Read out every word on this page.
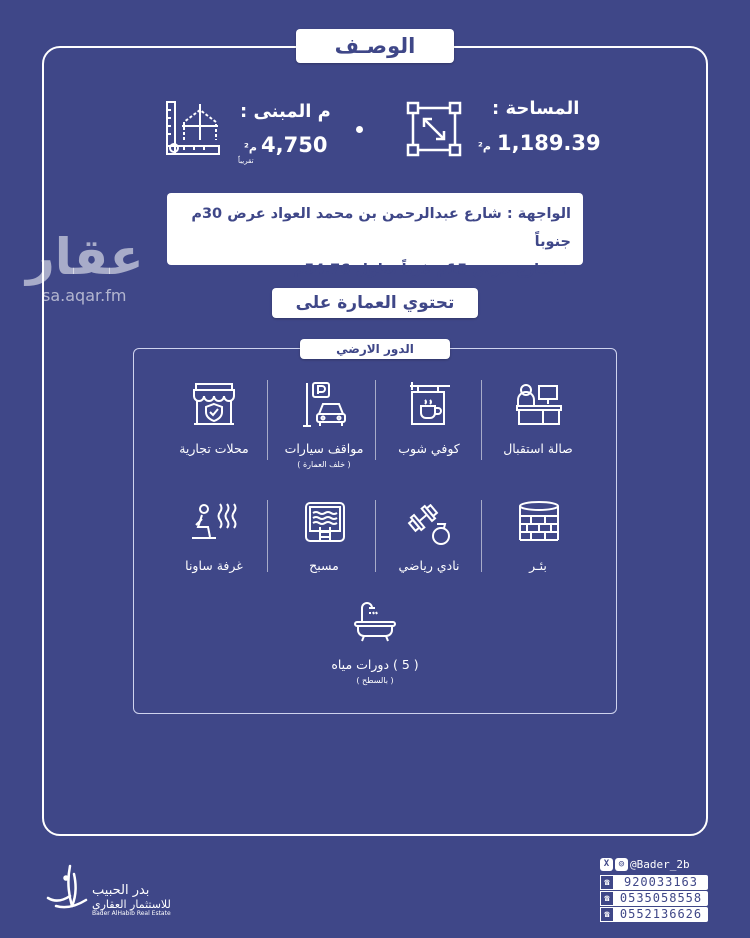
الوصـف
المساحة :
1,189.39
م²
م المبنى :
4,750
م²
تقريباً
الواجهة : شارع عبدالرحمن بن محمد العواد عرض 30م جنوباً
+ شارع عرض 15م غرباً بطول 54.76م
عقار
sa.aqar.fm	تحتوي العمارة على
الدور الارضي
صالة استقبال
كوفي شوب
مواقف سيارات
( خلف العمارة )
محلات تجارية
بئـر
نادي رياضي
مسبح
غرفة ساونا
( 5 ) دورات مياه
( بالسطح )
بدر الحبيب
للاستثمار العقاري
Bader AlHabib Real Estate
X	◎ @Bader_2b
☎	920033163
☎ 0535058558
☎ 0552136626
